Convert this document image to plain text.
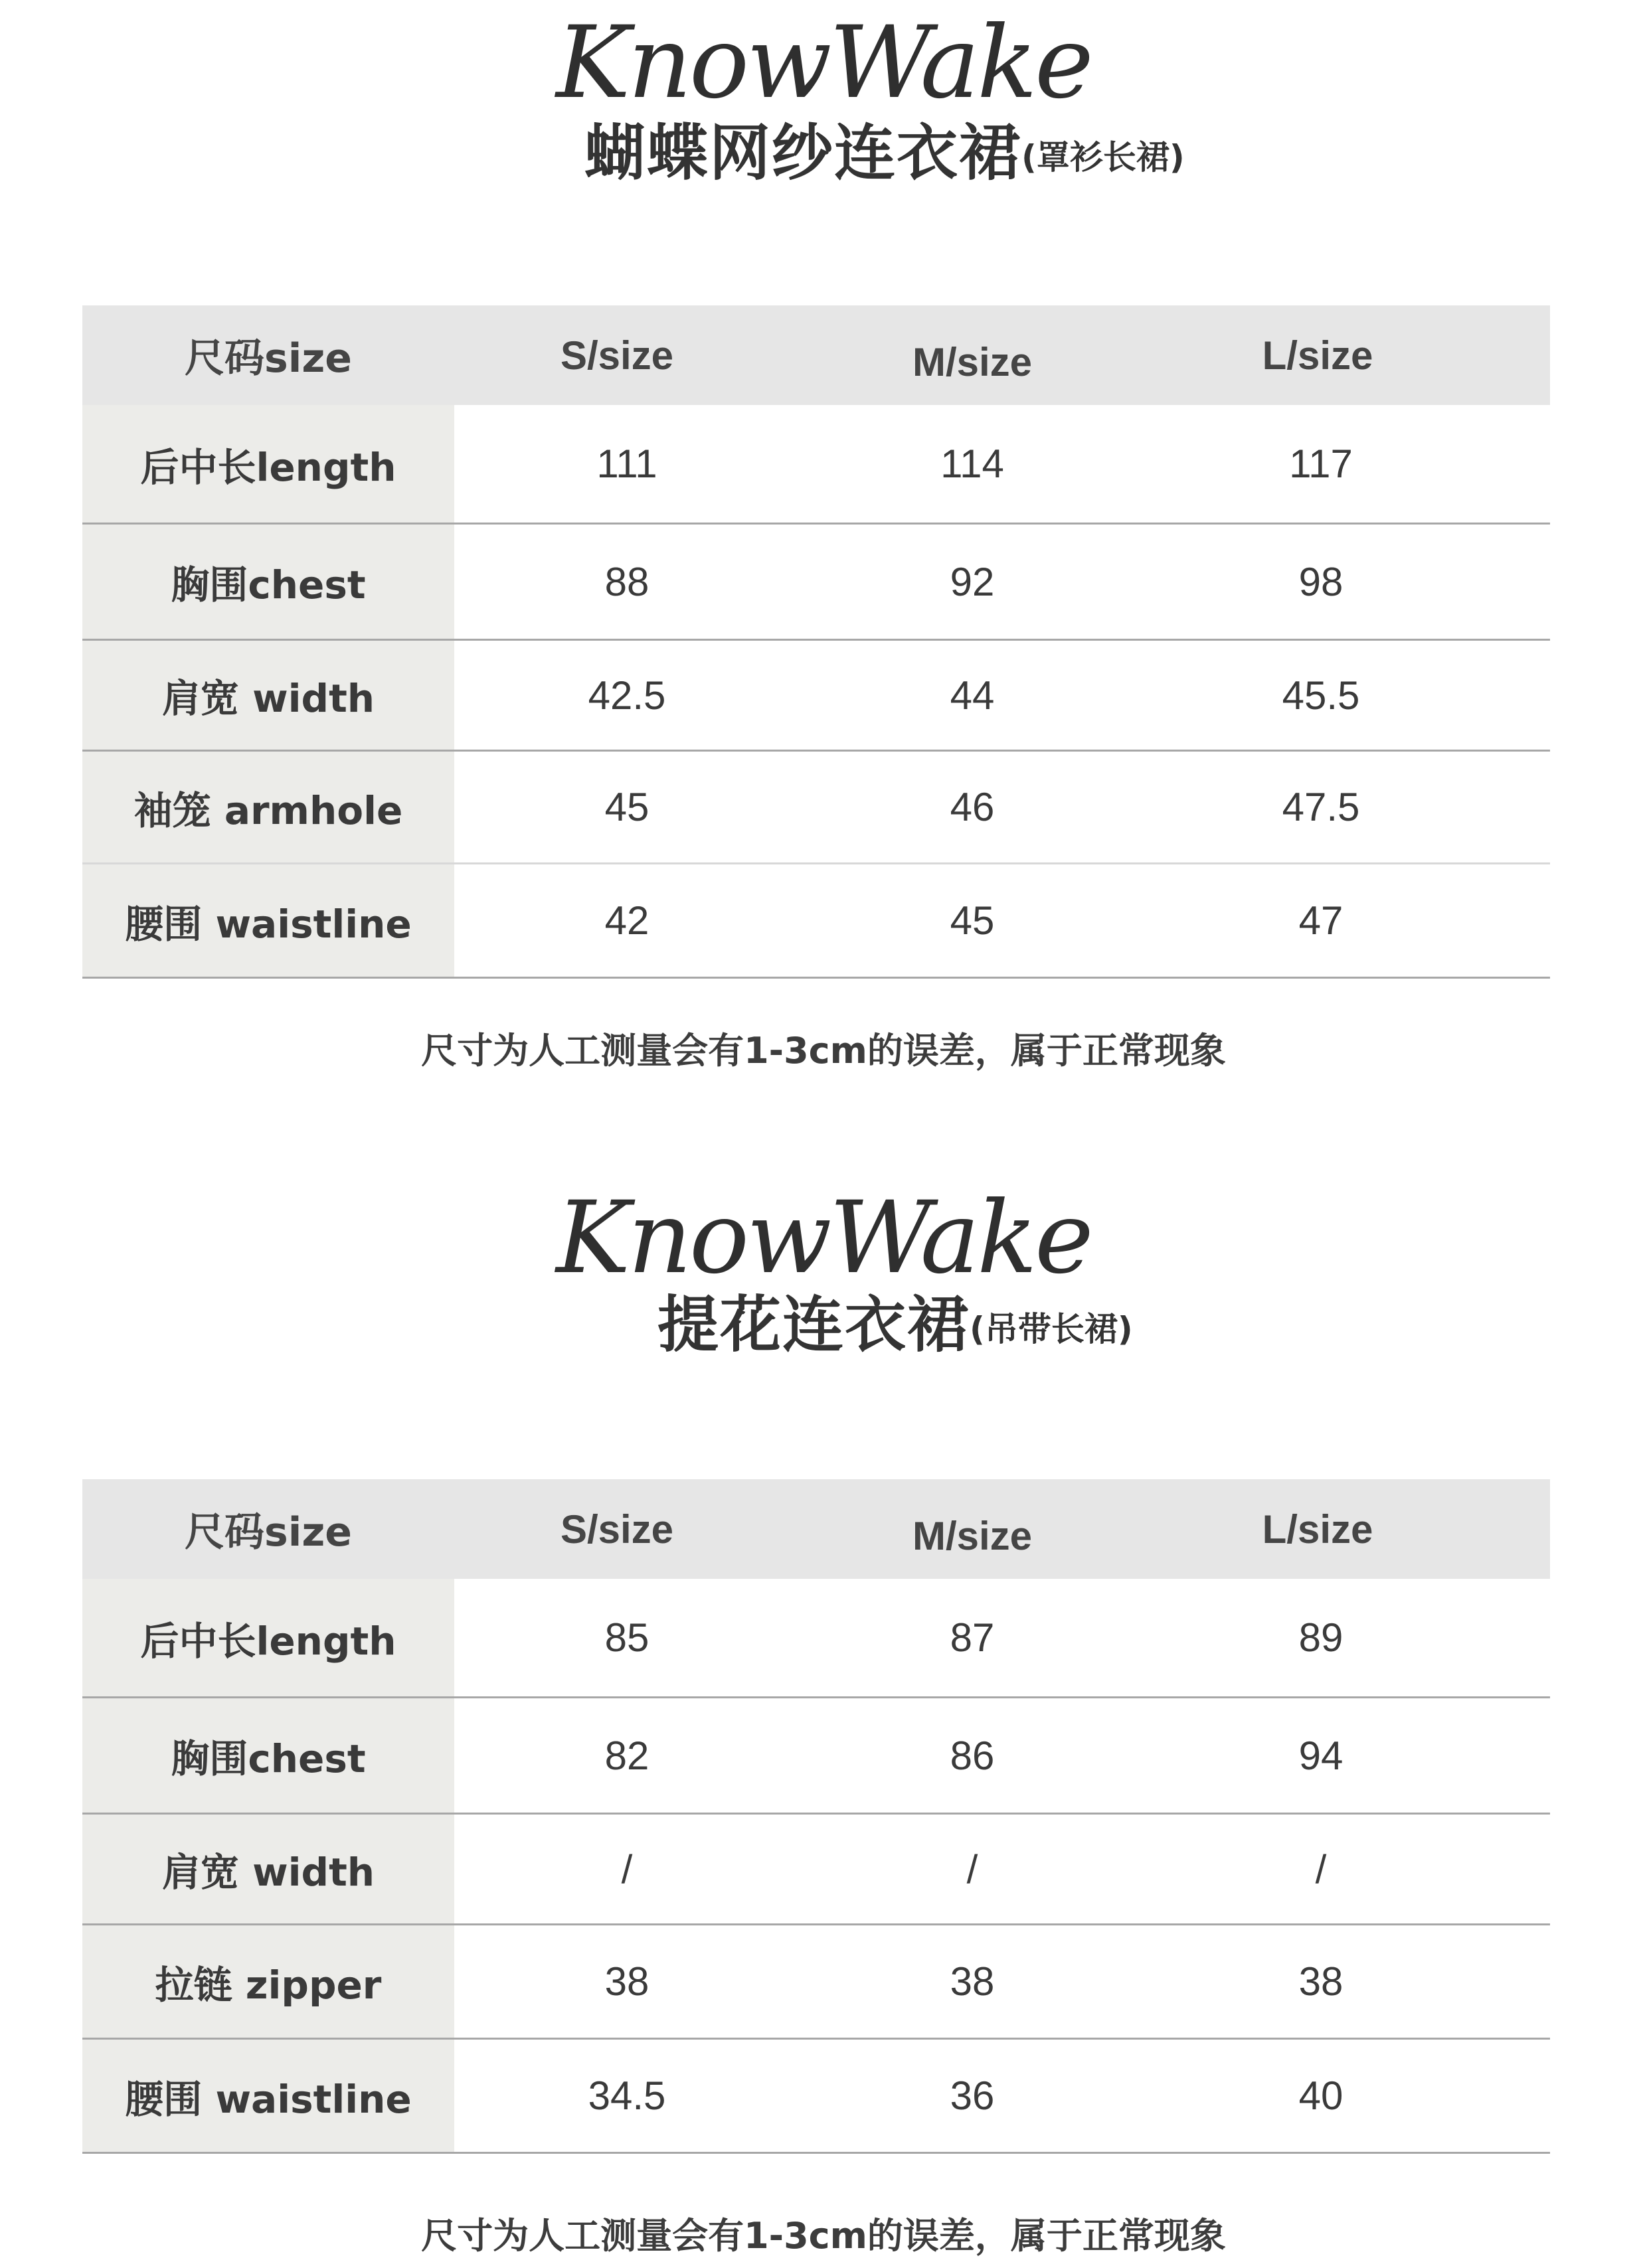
KnowWake
蝴蝶网纱连衣裙(罩衫长裙)
尺码size	S/size	M/size	L/size
后中长length	111	114	117
胸围chest	88	92	98
肩宽 width	42.5	44	45.5
袖笼 armhole	45	46	47.5
腰围 waistline	42	45	47
尺寸为人工测量会有1-3cm的误差，属于正常现象
KnowWake
提花连衣裙(吊带长裙)
尺码size	S/size	M/size	L/size
后中长length	85	87	89
胸围chest	82	86	94
肩宽 width	/	/	/
拉链 zipper	38	38	38
腰围 waistline	34.5	36	40
尺寸为人工测量会有1-3cm的误差，属于正常现象
